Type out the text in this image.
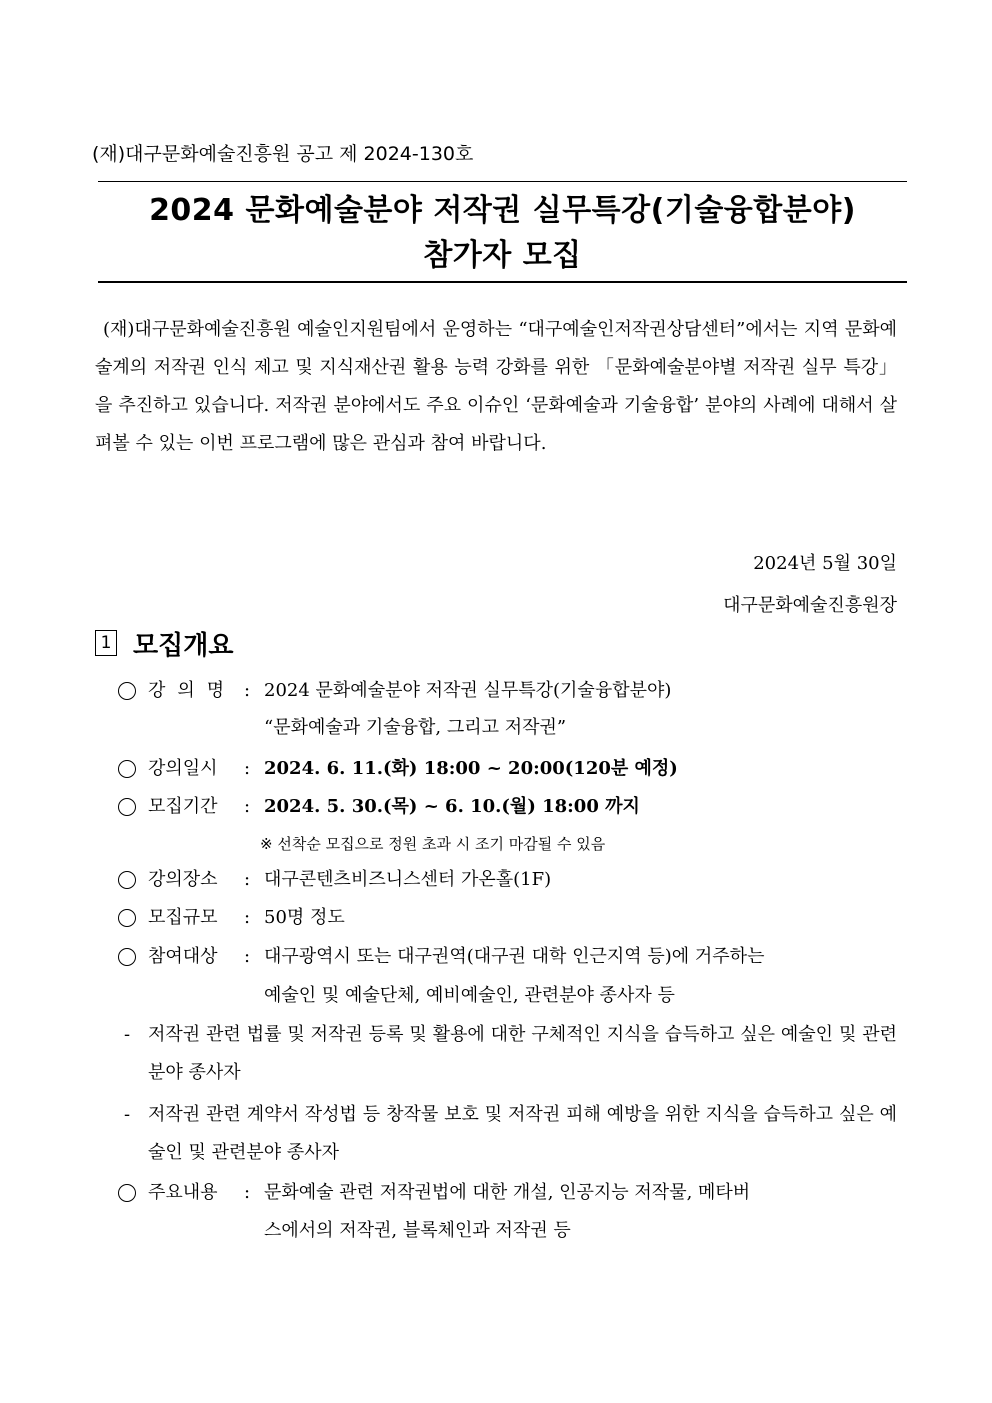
(재)대구문화예술진흥원 공고 제 2024-130호
2024 문화예술분야 저작권 실무특강(기술융합분야)
참가자 모집
(재)대구문화예술진흥원 예술인지원팀에서 운영하는 “대구예술인저작권상담센터”에서는 지역 문화예술계의 저작권 인식 제고 및 지식재산권 활용 능력 강화를 위한 「문화예술분야별 저작권 실무 특강」을 추진하고 있습니다. 저작권 분야에서도 주요 이슈인 ‘문화예술과 기술융합’ 분야의 사례에 대해서 살펴볼 수 있는 이번 프로그램에 많은 관심과 참여 바랍니다.
2024년 5월 30일
대구문화예술진흥원장
1 모집개요
강의명 : 2024 문화예술분야 저작권 실무특강(기술융합분야)
“문화예술과 기술융합, 그리고 저작권”
강의일시 : 2024. 6. 11.(화) 18:00 ~ 20:00(120분 예정)
모집기간 : 2024. 5. 30.(목) ~ 6. 10.(월) 18:00 까지
※ 선착순 모집으로 정원 초과 시 조기 마감될 수 있음
강의장소 : 대구콘텐츠비즈니스센터 가온홀(1F)
모집규모 : 50명 정도
참여대상 : 대구광역시 또는 대구권역(대구권 대학 인근지역 등)에 거주하는
예술인 및 예술단체, 예비예술인, 관련분야 종사자 등
- 저작권 관련 법률 및 저작권 등록 및 활용에 대한 구체적인 지식을 습득하고 싶은 예술인 및 관련분야 종사자
- 저작권 관련 계약서 작성법 등 창작물 보호 및 저작권 피해 예방을 위한 지식을 습득하고 싶은 예술인 및 관련분야 종사자
주요내용 : 문화예술 관련 저작권법에 대한 개설, 인공지능 저작물, 메타버
스에서의 저작권, 블록체인과 저작권 등
